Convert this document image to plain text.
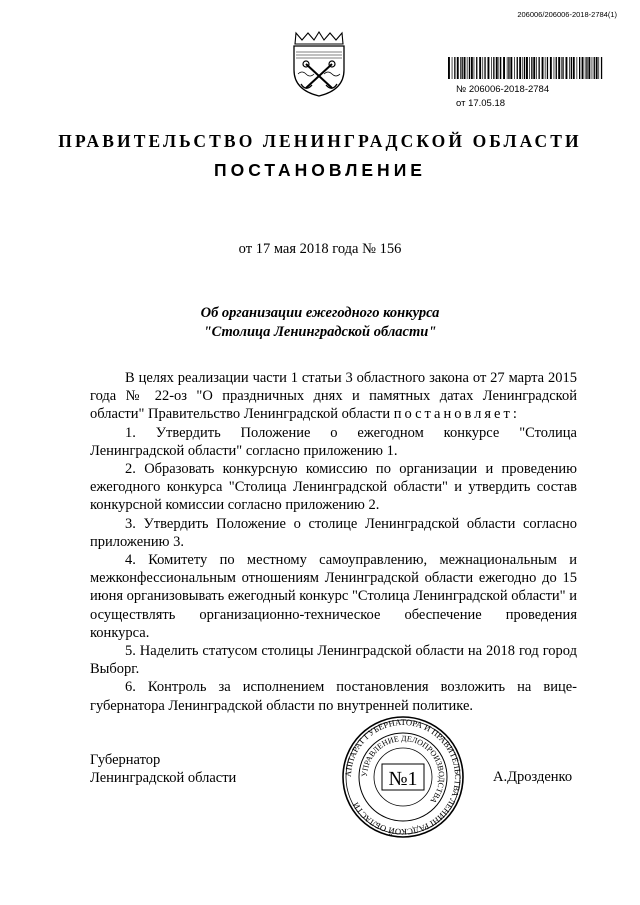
206006/206006-2018-2784(1)
№ 206006-2018-2784
от 17.05.18
ПРАВИТЕЛЬСТВО ЛЕНИНГРАДСКОЙ ОБЛАСТИ
ПОСТАНОВЛЕНИЕ
от 17 мая 2018 года № 156
Об организации ежегодного конкурса
"Столица Ленинградской области"

В целях реализации части 1 статьи 3 областного закона от 27 марта 2015 года № 22-оз "О праздничных днях и памятных датах Ленинградской области" Правительство Ленинградской области постановляет:

1. Утвердить Положение о ежегодном конкурсе "Столица Ленинградской области" согласно приложению 1.

2. Образовать конкурсную комиссию по организации и проведению ежегодного конкурса "Столица Ленинградской области" и утвердить состав конкурсной комиссии согласно приложению 2.

3. Утвердить Положение о столице Ленинградской области согласно приложению 3.

4. Комитету по местному самоуправлению, межнациональным и межконфессиональным отношениям Ленинградской области ежегодно до 15 июня организовывать ежегодный конкурс "Столица Ленинградской области" и осуществлять организационно-техническое обеспечение проведения конкурса.

5. Наделить статусом столицы Ленинградской области на 2018 год город Выборг.

6. Контроль за исполнением постановления возложить на вице-губернатора Ленинградской области по внутренней политике.

Губернатор
Ленинградской области	А.Дрозденко
АППАРАТ ГУБЕРНАТОРА И ПРАВИТЕЛЬСТВА ЛЕНИНГРАДСКОЙ ОБЛАСТИ
УПРАВЛЕНИЕ ДЕЛОПРОИЗВОДСТВА
№1
